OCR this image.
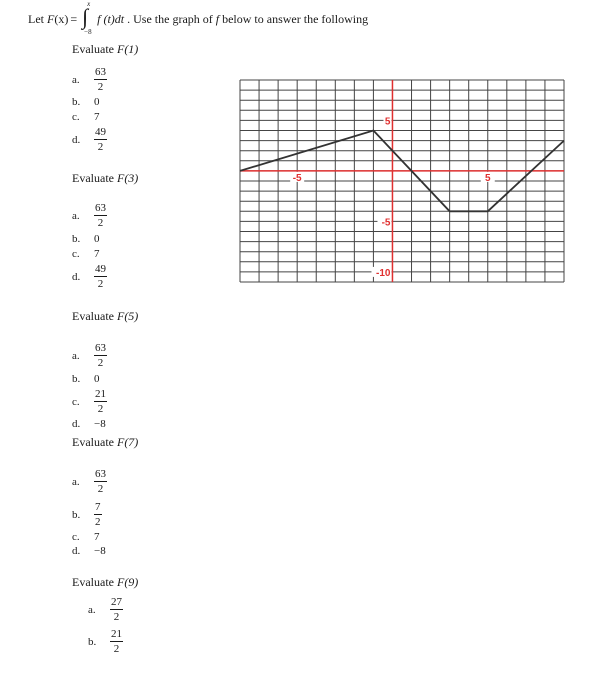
Let
F (x) =
x
∫
−8
f (t)dt
. Use the graph of
f
below to answer the following
Evaluate F(1)
a.	$\frac{63}{2}$
b.	0
c.	7
d.	$\frac{49}{2}$
Evaluate F(3)
a.	$\frac{63}{2}$
b.	0
c.	7
d.	$\frac{49}{2}$
Evaluate F(5)
a.	$\frac{63}{2}$
b.	0
c.	$\frac{21}{2}$
d.	−8
Evaluate F(7)
a.	$\frac{63}{2}$
b.	$\frac{7}{2}$
c.	7
d.	−8
Evaluate F(9)
a.	$\frac{27}{2}$
b.	$\frac{21}{2}$
-5	5
5
-5
-10
